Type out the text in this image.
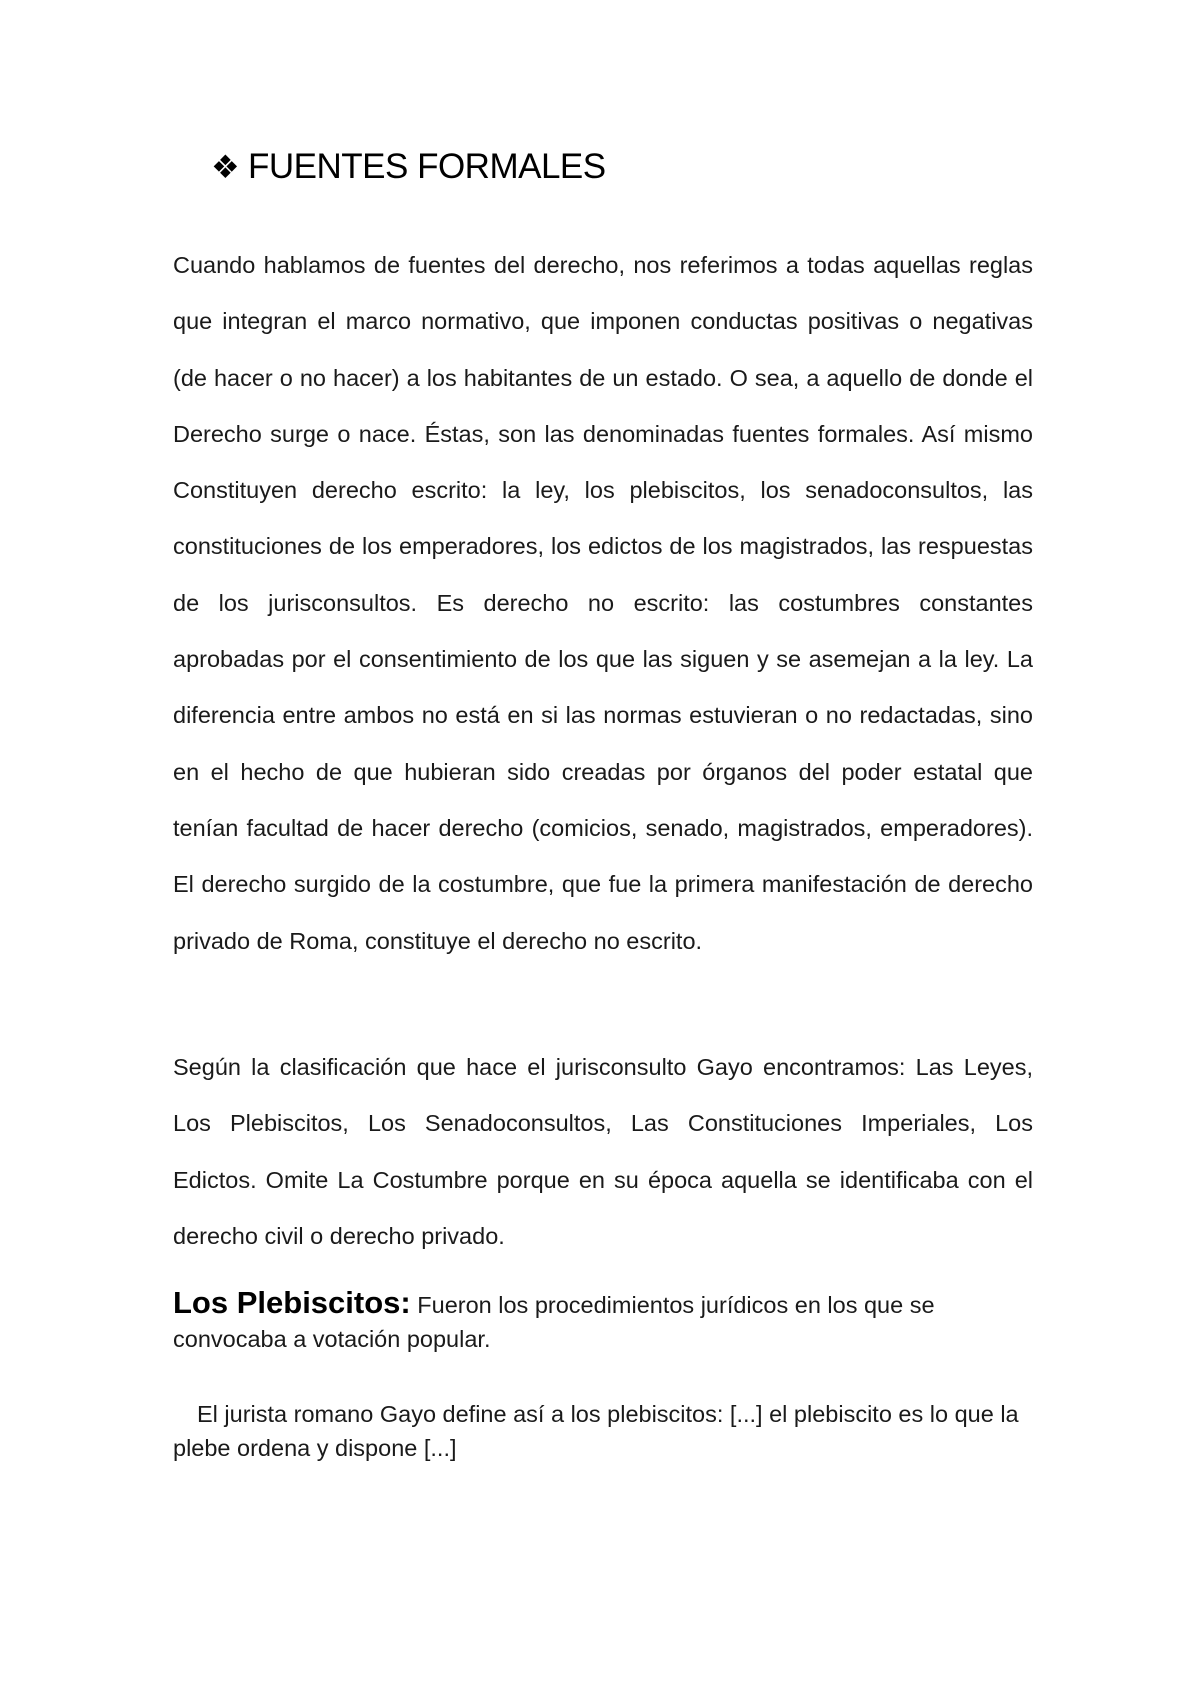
❖ FUENTES FORMALES

Cuando hablamos de fuentes del derecho, nos referimos a todas aquellas reglas que integran el marco normativo, que imponen conductas positivas o negativas (de hacer o no hacer) a los habitantes de un estado. O sea, a aquello de donde el Derecho surge o nace. Éstas, son las denominadas fuentes formales. Así mismo Constituyen derecho escrito: la ley, los plebiscitos, los senadoconsultos, las constituciones de los emperadores, los edictos de los magistrados, las respuestas de los jurisconsultos. Es derecho no escrito: las costumbres constantes aprobadas por el consentimiento de los que las siguen y se asemejan a la ley. La diferencia entre ambos no está en si las normas estuvieran o no redactadas, sino en el hecho de que hubieran sido creadas por órganos del poder estatal que tenían facultad de hacer derecho (comicios, senado, magistrados, emperadores). El derecho surgido de la costumbre, que fue la primera manifestación de derecho privado de Roma, constituye el derecho no escrito.

Según la clasificación que hace el jurisconsulto Gayo encontramos: Las Leyes, Los Plebiscitos, Los Senadoconsultos, Las Constituciones Imperiales, Los Edictos. Omite La Costumbre porque en su época aquella se identificaba con el derecho civil o derecho privado.

Los Plebiscitos: Fueron los procedimientos jurídicos en los que se convocaba a votación popular.

El jurista romano Gayo define así a los plebiscitos: [...] el plebiscito es lo que la plebe ordena y dispone [...]
